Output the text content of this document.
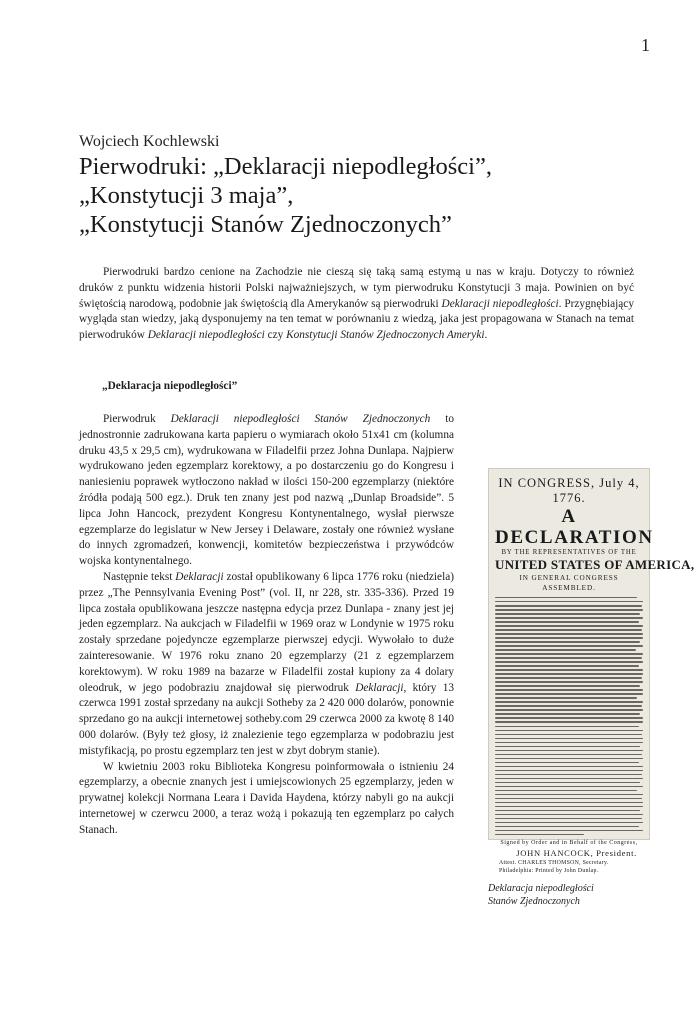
1
Wojciech Kochlewski
Pierwodruki: „Deklaracji niepodległości”,
„Konstytucji 3 maja”,
„Konstytucji Stanów Zjednoczonych”

Pierwodruki bardzo cenione na Zachodzie nie cieszą się taką samą estymą u nas w kraju. Dotyczy to również druków z punktu widzenia historii Polski najważniejszych, w tym pierwodruku Konstytucji 3 maja. Powinien on być świętością narodową, podobnie jak świętością dla Amerykanów są pierwodruki Deklaracji niepodległości. Przygnębiający wygląda stan wiedzy, jaką dysponujemy na ten temat w porównaniu z wiedzą, jaka jest propagowana w Stanach na temat pierwodruków Deklaracji niepodległości czy Konstytucji Stanów Zjednoczonych Ameryki.

„Deklaracja niepodległości”

Pierwodruk Deklaracji niepodległości Stanów Zjednoczonych to jednostronnie zadrukowana karta papieru o wymiarach około 51x41 cm (kolumna druku 43,5 x 29,5 cm), wydrukowana w Filadelfii przez Johna Dunlapa. Najpierw wydrukowano jeden egzemplarz korektowy, a po dostarczeniu go do Kongresu i naniesieniu poprawek wytłoczono nakład w ilości 150-200 egzemplarzy (niektóre źródła podają 500 egz.). Druk ten znany jest pod nazwą „Dunlap Broadside”. 5 lipca John Hancock, prezydent Kongresu Kontynentalnego, wysłał pierwsze egzemplarze do legislatur w New Jersey i Delaware, zostały one również wysłane do innych zgromadzeń, konwencji, komitetów bezpieczeństwa i przywódców wojska kontynentalnego.

Następnie tekst Deklaracji został opublikowany 6 lipca 1776 roku (niedziela) przez „The Pennsylvania Evening Post” (vol. II, nr 228, str. 335-336). Przed 19 lipca została opublikowana jeszcze następna edycja przez Dunlapa - znany jest jej jeden egzemplarz. Na aukcjach w Filadelfii w 1969 oraz w Londynie w 1975 roku zostały sprzedane pojedyncze egzemplarze pierwszej edycji. Wywołało to duże zainteresowanie. W 1976 roku znano 20 egzemplarzy (21 z egzemplarzem korektowym). W roku 1989 na bazarze w Filadelfii został kupiony za 4 dolary oleodruk, w jego podobraziu znajdował się pierwodruk Deklaracji, który 13 czerwca 1991 został sprzedany na aukcji Sotheby za 2 420 000 dolarów, ponownie sprzedano go na aukcji internetowej sotheby.com 29 czerwca 2000 za kwotę 8 140 000 dolarów. (Były też głosy, iż znalezienie tego egzemplarza w podobraziu jest mistyfikacją, po prostu egzemplarz ten jest w zbyt dobrym stanie).

W kwietniu 2003 roku Biblioteka Kongresu poinformowała o istnieniu 24 egzemplarzy, a obecnie znanych jest i umiejscowionych 25 egzemplarzy, jeden w prywatnej kolekcji Normana Leara i Davida Haydena, którzy nabyli go na aukcji internetowej w czerwcu 2000, a teraz wożą i pokazują ten egzemplarz po całych Stanach.

IN CONGRESS, July 4, 1776.
A DECLARATION
BY THE REPRESENTATIVES OF THE
UNITED STATES OF AMERICA,
IN GENERAL CONGRESS ASSEMBLED.
Signed by Order and in Behalf of the Congress,
JOHN HANCOCK, President.
Attest. CHARLES THOMSON, Secretary.
Philadelphia: Printed by John Dunlap.
Deklaracja niepodległości
Stanów Zjednoczonych
